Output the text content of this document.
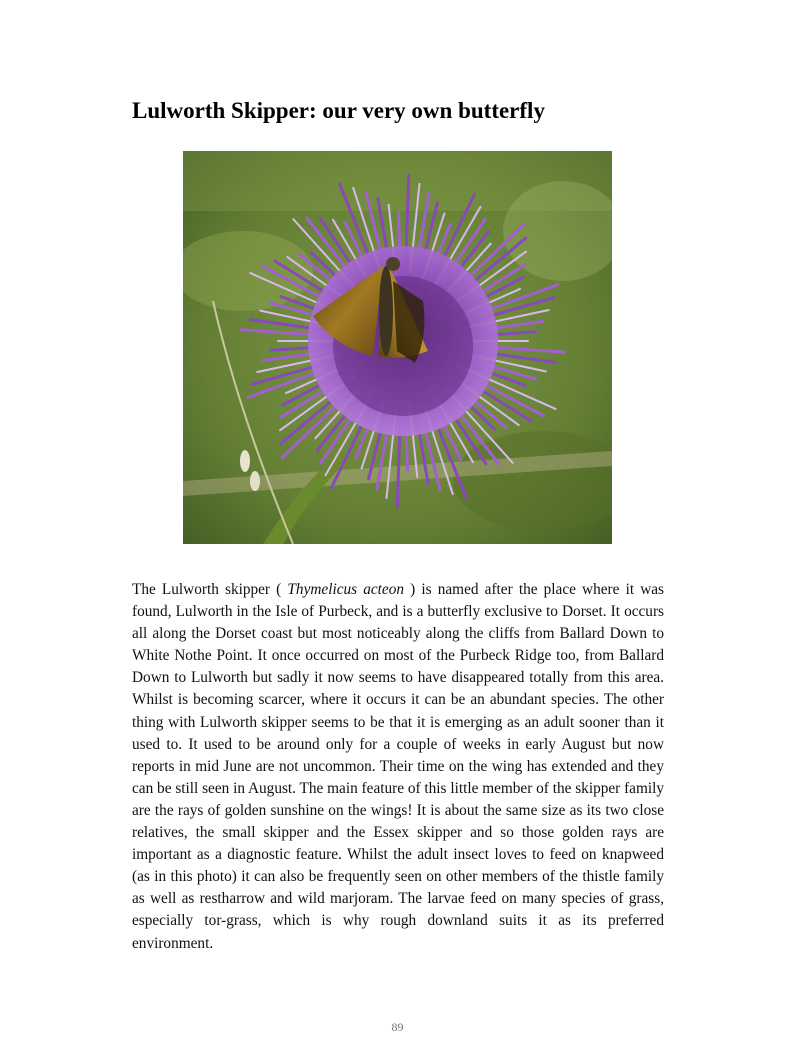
Lulworth Skipper: our very own butterfly

The Lulworth skipper ( Thymelicus acteon ) is named after the place where it was found, Lulworth in the Isle of Purbeck, and is a butterfly exclusive to Dorset. It occurs all along the Dorset coast but most noticeably along the cliffs from Ballard Down to White Nothe Point. It once occurred on most of the Purbeck Ridge too, from Ballard Down to Lulworth but sadly it now seems to have disappeared totally from this area. Whilst is becoming scarcer, where it occurs it can be an abundant species. The other thing with Lulworth skipper seems to be that it is emerging as an adult sooner than it used to. It used to be around only for a couple of weeks in early August but now reports in mid June are not uncommon. Their time on the wing has extended and they can be still seen in August. The main feature of this little member of the skipper family are the rays of golden sunshine on the wings! It is about the same size as its two close relatives, the small skipper and the Essex skipper and so those golden rays are important as a diagnostic feature. Whilst the adult insect loves to feed on knapweed (as in this photo) it can also be frequently seen on other members of the thistle family as well as restharrow and wild marjoram. The larvae feed on many species of grass, especially tor-grass, which is why rough downland suits it as its preferred environment.

89
